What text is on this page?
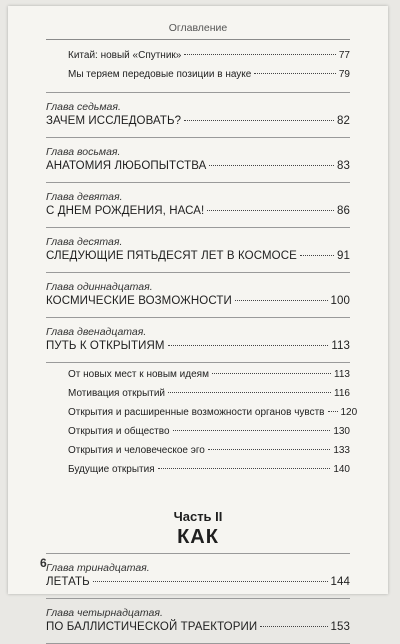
Оглавление
Китай: новый «Спутник»	77
Мы теряем передовые позиции в науке	79
Глава седьмая.
ЗАЧЕМ ИССЛЕДОВАТЬ?	82
Глава восьмая.
АНАТОМИЯ ЛЮБОПЫТСТВА	83
Глава девятая.
С ДНЕМ РОЖДЕНИЯ, НАСА!	86
Глава десятая.
СЛЕДУЮЩИЕ ПЯТЬДЕСЯТ ЛЕТ В КОСМОСЕ	91
Глава одиннадцатая.
КОСМИЧЕСКИЕ ВОЗМОЖНОСТИ	100
Глава двенадцатая.
ПУТЬ К ОТКРЫТИЯМ	113
От новых мест к новым идеям	113
Мотивация открытий	116
Открытия и расширенные возможности органов чувств 120
Открытия и общество	130
Открытия и человеческое эго	133
Будущие открытия	140
Часть II
КАК
Глава тринадцатая.
ЛЕТАТЬ	144
Глава четырнадцатая.
ПО БАЛЛИСТИЧЕСКОЙ ТРАЕКТОРИИ	153
6
